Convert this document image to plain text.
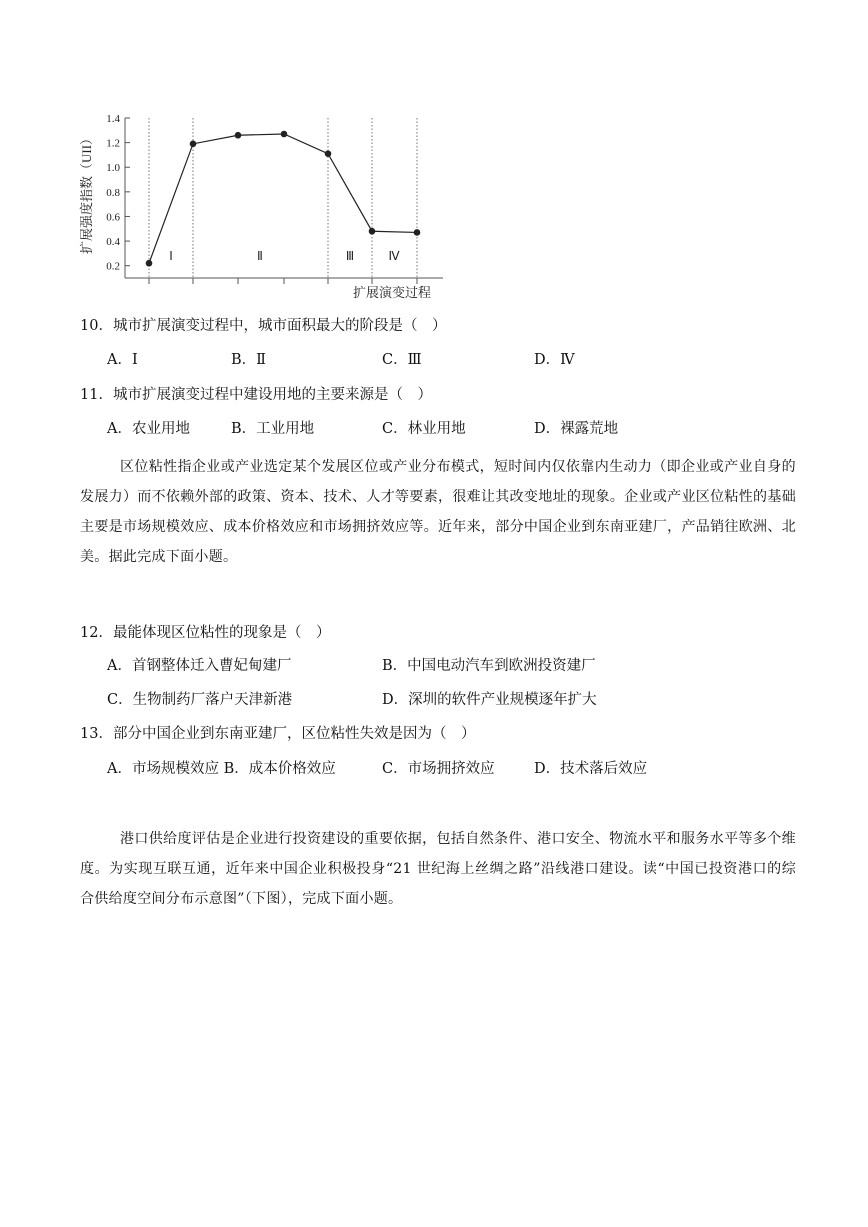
扩展强度指数（UII）
扩展演变过程
0.2
0.4
0.6
0.8
1.0
1.2
1.4
Ⅰ	Ⅱ	Ⅲ	Ⅳ
10．城市扩展演变过程中，城市面积最大的阶段是（　）
A．Ⅰ	B．Ⅱ	C．Ⅲ	D．Ⅳ
11．城市扩展演变过程中建设用地的主要来源是（　）
A．农业用地	B．工业用地	C．林业用地	D．裸露荒地
区位粘性指企业或产业选定某个发展区位或产业分布模式，短时间内仅依靠内生动力（即企业或产业自身的发展力）而不依赖外部的政策、资本、技术、人才等要素，很难让其改变地址的现象。企业或产业区位粘性的基础主要是市场规模效应、成本价格效应和市场拥挤效应等。近年来，部分中国企业到东南亚建厂，产品销往欧洲、北美。据此完成下面小题。
12．最能体现区位粘性的现象是（　）
A．首钢整体迁入曹妃甸建厂	B．中国电动汽车到欧洲投资建厂
C．生物制药厂落户天津新港	D．深圳的软件产业规模逐年扩大
13．部分中国企业到东南亚建厂，区位粘性失效是因为（　）
A．市场规模效应 B．成本价格效应	C．市场拥挤效应	D．技术落后效应
港口供给度评估是企业进行投资建设的重要依据，包括自然条件、港口安全、物流水平和服务水平等多个维度。为实现互联互通，近年来中国企业积极投身“21 世纪海上丝绸之路”沿线港口建设。读“中国已投资港口的综合供给度空间分布示意图”（下图），完成下面小题。
